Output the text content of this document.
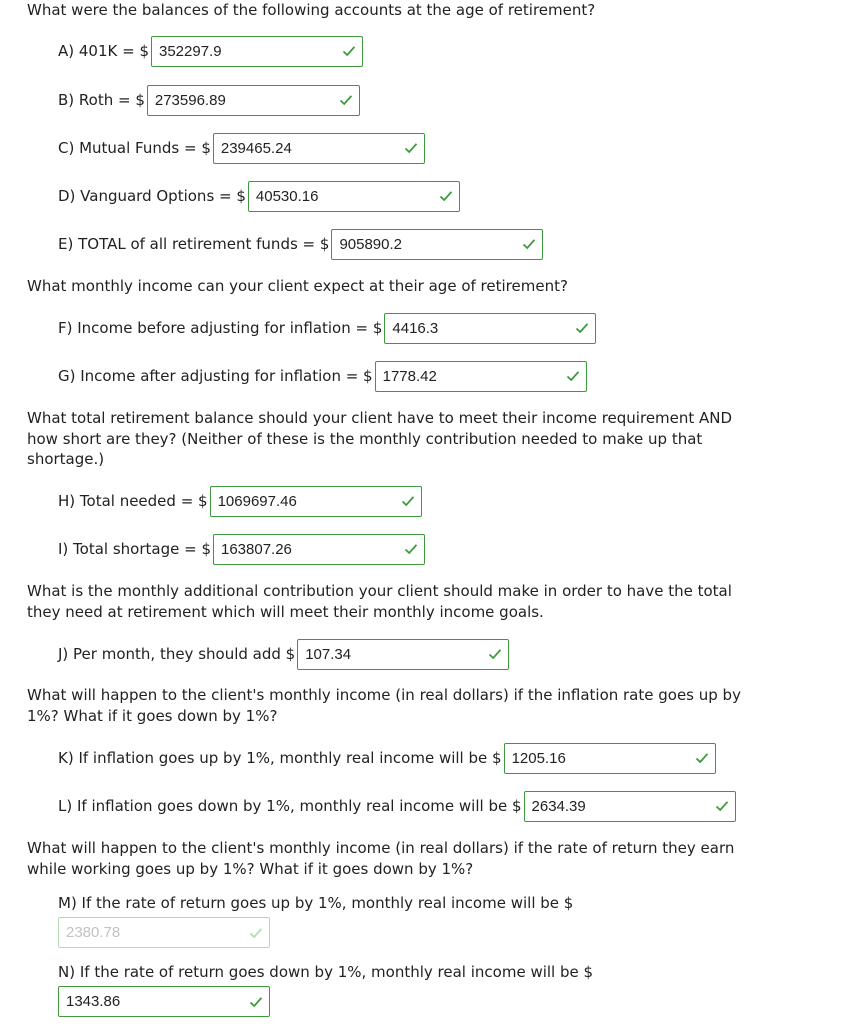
What were the balances of the following accounts at the age of retirement?

A) 401K = $ 352297.9
B) Roth = $ 273596.89
C) Mutual Funds = $ 239465.24
D) Vanguard Options = $ 40530.16
E) TOTAL of all retirement funds = $ 905890.2

What monthly income can your client expect at their age of retirement?

F) Income before adjusting for inflation = $ 4416.3
G) Income after adjusting for inflation = $ 1778.42

What total retirement balance should your client have to meet their income requirement AND how short are they? (Neither of these is the monthly contribution needed to make up that shortage.)

H) Total needed = $ 1069697.46
I) Total shortage = $ 163807.26

What is the monthly additional contribution your client should make in order to have the total they need at retirement which will meet their monthly income goals.

J) Per month, they should add $ 107.34

What will happen to the client's monthly income (in real dollars) if the inflation rate goes up by 1%? What if it goes down by 1%?

K) If inflation goes up by 1%, monthly real income will be $ 1205.16
L) If inflation goes down by 1%, monthly real income will be $ 2634.39

What will happen to the client's monthly income (in real dollars) if the rate of return they earn while working goes up by 1%? What if it goes down by 1%?

M) If the rate of return goes up by 1%, monthly real income will be $
2380.78
N) If the rate of return goes down by 1%, monthly real income will be $
1343.86
